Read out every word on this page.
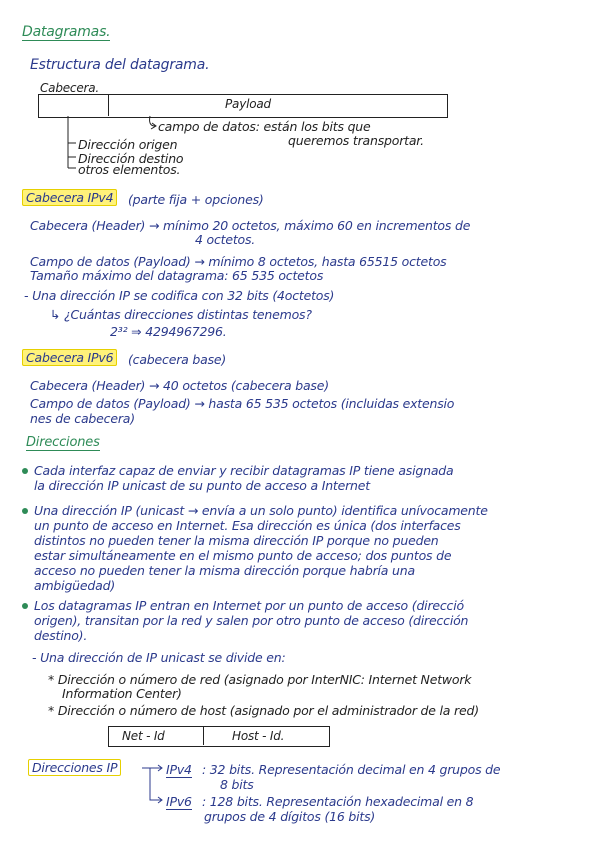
Datagramas.
Estructura del datagrama.
Cabecera.
Payload
campo de datos: están los bits que
queremos transportar.
Dirección origen
Dirección destino
otros elementos.
Cabecera IPv4	(parte fija + opciones)
Cabecera (Header) → mínimo 20 octetos, máximo 60 en incrementos de
4 octetos.
Campo de datos (Payload) → mínimo 8 octetos, hasta 65515 octetos
Tamaño máximo del datagrama: 65 535 octetos
- Una dirección IP se codifica con 32 bits (4octetos)
↳ ¿Cuántas direcciones distintas tenemos?
2³² ⇒ 4294967296.
Cabecera IPv6	(cabecera base)
Cabecera (Header) → 40 octetos (cabecera base)
Campo de datos (Payload) → hasta 65 535 octetos (incluidas extensio
nes de cabecera)
Direcciones
Cada interfaz capaz de enviar y recibir datagramas IP tiene asignada
la dirección IP unicast de su punto de acceso a Internet
Una dirección IP (unicast → envía a un solo punto) identifica unívocamente
un punto de acceso en Internet. Esa dirección es única (dos interfaces
distintos no pueden tener la misma dirección IP porque no pueden
estar simultáneamente en el mismo punto de acceso; dos puntos de
acceso no pueden tener la misma dirección porque habría una
ambigüedad)
Los datagramas IP entran en Internet por un punto de acceso (direcció
origen), transitan por la red y salen por otro punto de acceso (dirección
destino).
- Una dirección de IP unicast se divide en:
* Dirección o número de red (asignado por InterNIC: Internet Network
Information Center)
* Dirección o número de host (asignado por el administrador de la red)
Net - Id	Host - Id.
Direcciones IP	IPv4 : 32 bits. Representación decimal en 4 grupos de
8 bits
IPv6 : 128 bits. Representación hexadecimal en 8
grupos de 4 dígitos (16 bits)
